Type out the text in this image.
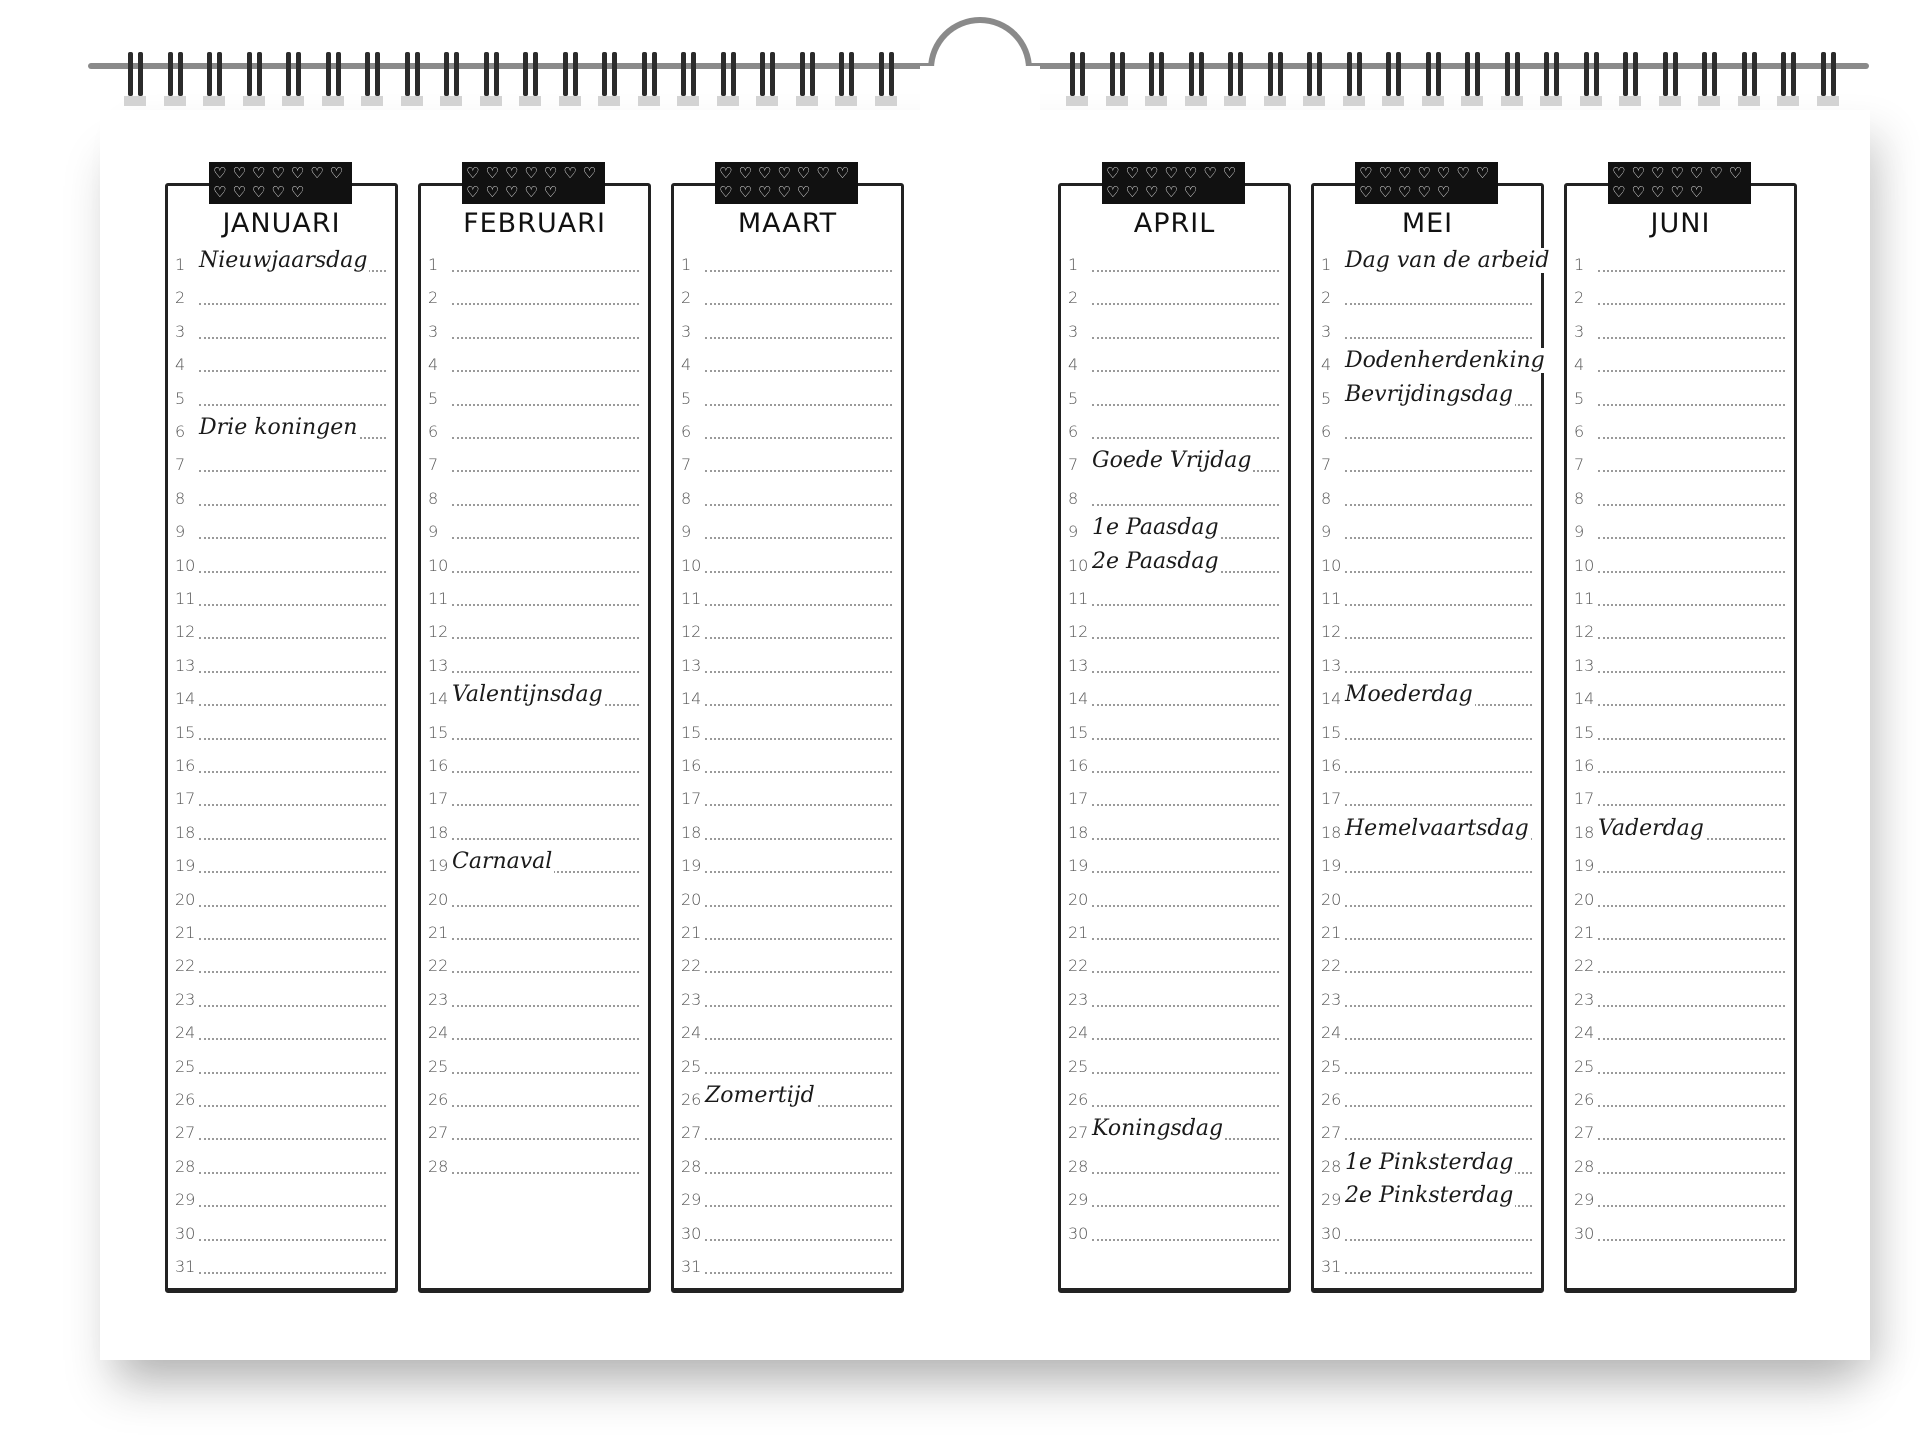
♡♡♡♡♡♡♡♡♡♡♡♡
JANUARI
1 Nieuwjaarsdag
2
3
4
5
6 Drie koningen
7
8
9
10
11
12
13
14
15
16
17
18
19
20
21
22
23
24
25
26
27
28
29
30
31
♡♡♡♡♡♡♡♡♡♡♡♡
FEBRUARI
1
2
3
4
5
6
7
8
9
10
11
12
13
14 Valentijnsdag
15
16
17
18
19 Carnaval
20
21
22
23
24
25
26
27
28
♡♡♡♡♡♡♡♡♡♡♡♡
MAART
1
2
3
4
5
6
7
8
9
10
11
12
13
14
15
16
17
18
19
20
21
22
23
24
25
26 Zomertijd
27
28
29
30
31
♡♡♡♡♡♡♡♡♡♡♡♡
APRIL
1
2
3
4
5
6
7 Goede Vrijdag
8
9 1e Paasdag
10 2e Paasdag
11
12
13
14
15
16
17
18
19
20
21
22
23
24
25
26
27 Koningsdag
28
29
30
♡♡♡♡♡♡♡♡♡♡♡♡
MEI
1 Dag van de arbeid
2
3
4 Dodenherdenking
5 Bevrijdingsdag
6
7
8
9
10
11
12
13
14 Moederdag
15
16
17
18 Hemelvaartsdag
19
20
21
22
23
24
25
26
27
28 1e Pinksterdag
29 2e Pinksterdag
30
31
♡♡♡♡♡♡♡♡♡♡♡♡
JUNI
1
2
3
4
5
6
7
8
9
10
11
12
13
14
15
16
17
18 Vaderdag
19
20
21
22
23
24
25
26
27
28
29
30
